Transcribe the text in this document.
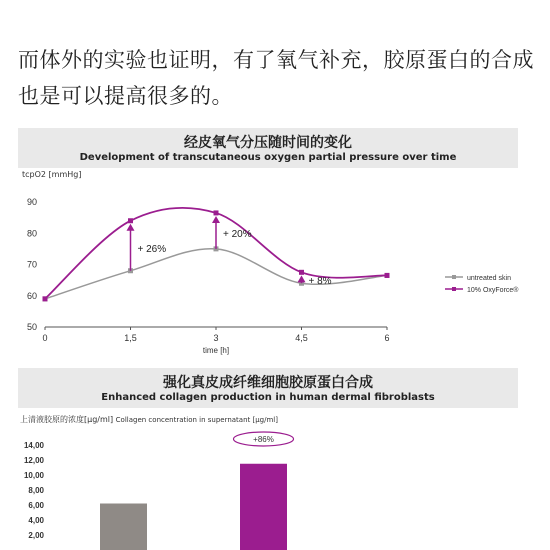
而体外的实验也证明，有了氧气补充，胶原蛋白的合成也是可以提高很多的。
经皮氧气分压随时间的变化
Development of transcutaneous oxygen partial pressure over time
tcpO2 [mmHg]
50
60
70
80
90
0	1,5	3	4,5	6
time [h]
+ 26%
+ 20%
+ 8%	untreated skin
10% OxyForce®
强化真皮成纤维细胞胶原蛋白合成
Enhanced collagen production in human dermal fibroblasts
上清液胶原的浓度[µg/ml] Collagen concentration in supernatant [µg/ml]
2,00
4,00
6,00
8,00
10,00
12,00
14,00
+86%
